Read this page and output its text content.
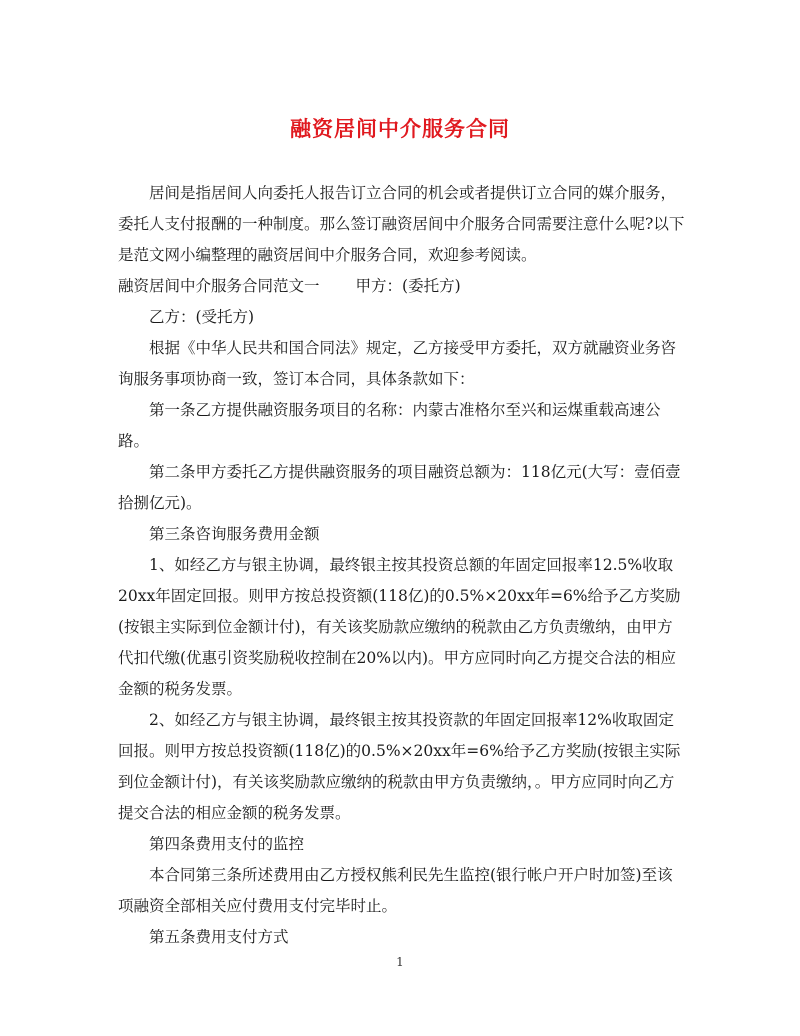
融资居间中介服务合同

居间是指居间人向委托人报告订立合同的机会或者提供订立合同的媒介服务，委托人支付报酬的一种制度。那么签订融资居间中介服务合同需要注意什么呢?以下是范文网小编整理的融资居间中介服务合同，欢迎参考阅读。

融资居间中介服务合同范文一 甲方：(委托方)

乙方：(受托方)

根据《中华人民共和国合同法》规定，乙方接受甲方委托，双方就融资业务咨询服务事项协商一致，签订本合同，具体条款如下：

第一条乙方提供融资服务项目的名称：内蒙古准格尔至兴和运煤重载高速公路。

第二条甲方委托乙方提供融资服务的项目融资总额为：118亿元(大写：壹佰壹拾捌亿元)。

第三条咨询服务费用金额

1、如经乙方与银主协调，最终银主按其投资总额的年固定回报率12.5%收取20xx年固定回报。则甲方按总投资额(118亿)的0.5%×20xx年=6%给予乙方奖励(按银主实际到位金额计付)，有关该奖励款应缴纳的税款由乙方负责缴纳，由甲方代扣代缴(优惠引资奖励税收控制在20%以内)。甲方应同时向乙方提交合法的相应金额的税务发票。

2、如经乙方与银主协调，最终银主按其投资款的年固定回报率12%收取固定回报。则甲方按总投资额(118亿)的0.5%×20xx年=6%给予乙方奖励(按银主实际到位金额计付)，有关该奖励款应缴纳的税款由甲方负责缴纳，。甲方应同时向乙方提交合法的相应金额的税务发票。

第四条费用支付的监控

本合同第三条所述费用由乙方授权熊利民先生监控(银行帐户开户时加签)至该项融资全部相关应付费用支付完毕时止。

第五条费用支付方式

1
